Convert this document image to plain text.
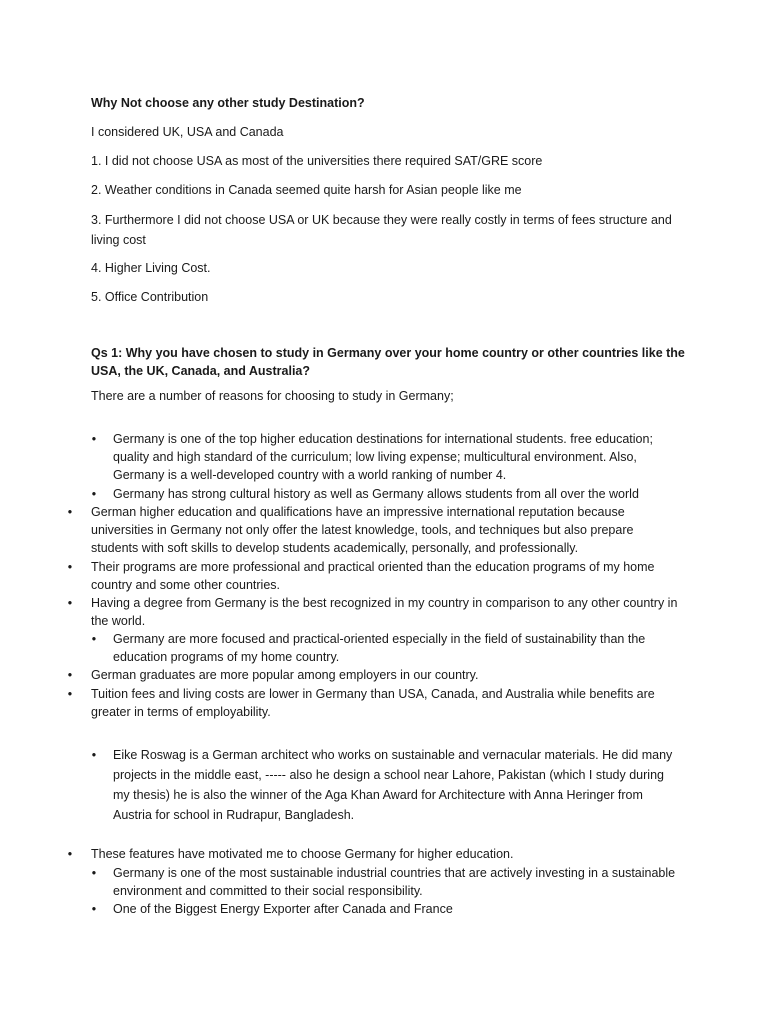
Why Not choose any other study Destination?

I considered UK, USA and Canada

1. I did not choose USA as most of the universities there required SAT/GRE score

2. Weather conditions in Canada seemed quite harsh for Asian people like me

3. Furthermore I did not choose USA or UK because they were really costly in terms of fees structure and living cost

4. Higher Living Cost.

5. Office Contribution

Qs 1: Why you have chosen to study in Germany over your home country or other countries like the USA, the UK, Canada, and Australia?

There are a number of reasons for choosing to study in Germany;

•	Germany is one of the top higher education destinations for international students. free education; quality and high standard of the curriculum; low living expense; multicultural environment. Also, Germany is a well-developed country with a world ranking of number 4.
•	Germany has strong cultural history as well as Germany allows students from all over the world
•	German higher education and qualifications have an impressive international reputation because universities in Germany not only offer the latest knowledge, tools, and techniques but also prepare students with soft skills to develop students academically, personally, and professionally.
•	Their programs are more professional and practical oriented than the education programs of my home country and some other countries.
•	Having a degree from Germany is the best recognized in my country in comparison to any other country in the world.
•	Germany are more focused and practical-oriented especially in the field of sustainability than the education programs of my home country.
•	German graduates are more popular among employers in our country.
•	Tuition fees and living costs are lower in Germany than USA, Canada, and Australia while benefits are greater in terms of employability.
•	Eike Roswag is a German architect who works on sustainable and vernacular materials. He did many projects in the middle east, ----- also he design a school near Lahore, Pakistan (which I study during my thesis) he is also the winner of the Aga Khan Award for Architecture with Anna Heringer from Austria for school in Rudrapur, Bangladesh.
•	These features have motivated me to choose Germany for higher education.
•	Germany is one of the most sustainable industrial countries that are actively investing in a sustainable environment and committed to their social responsibility.
•	One of the Biggest Energy Exporter after Canada and France
